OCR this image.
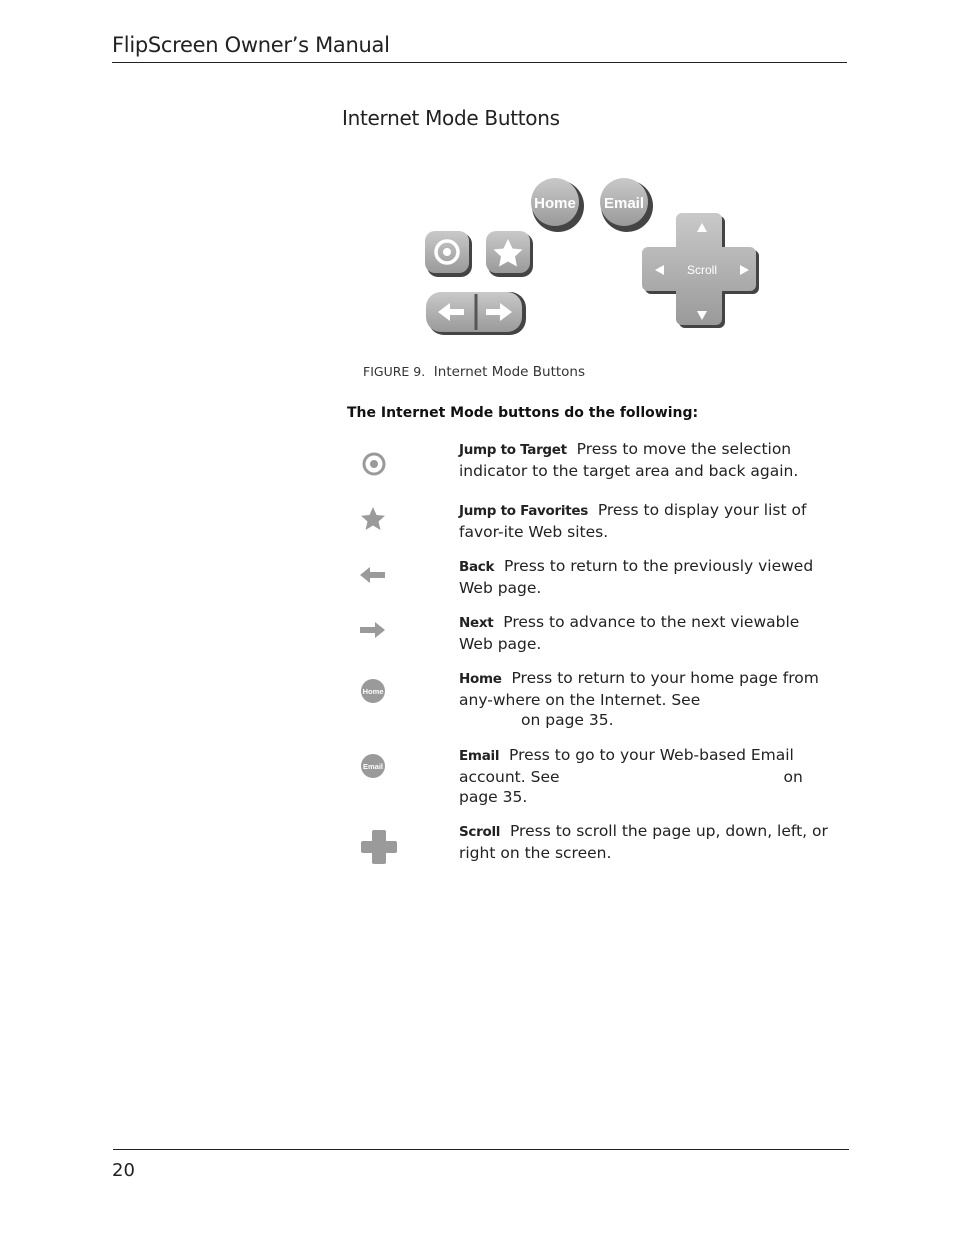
FlipScreen Owner’s Manual
Internet Mode Buttons
Home Email
Scroll
FIGURE 9. Internet Mode Buttons
The Internet Mode buttons do the following:
Jump to Target Press to move the selection indicator to the target area and back again.
Jump to Favorites Press to display your list of favor-ite Web sites.
Back Press to return to the previously viewed Web page.
Next Press to advance to the next viewable Web page.
Home
Home Press to return to your home page from any-where on the Internet. See
on page 35.
Email
Email Press to go to your Web-based Email account. See	on
page 35.
Scroll Press to scroll the page up, down, left, or right on the screen.
20
